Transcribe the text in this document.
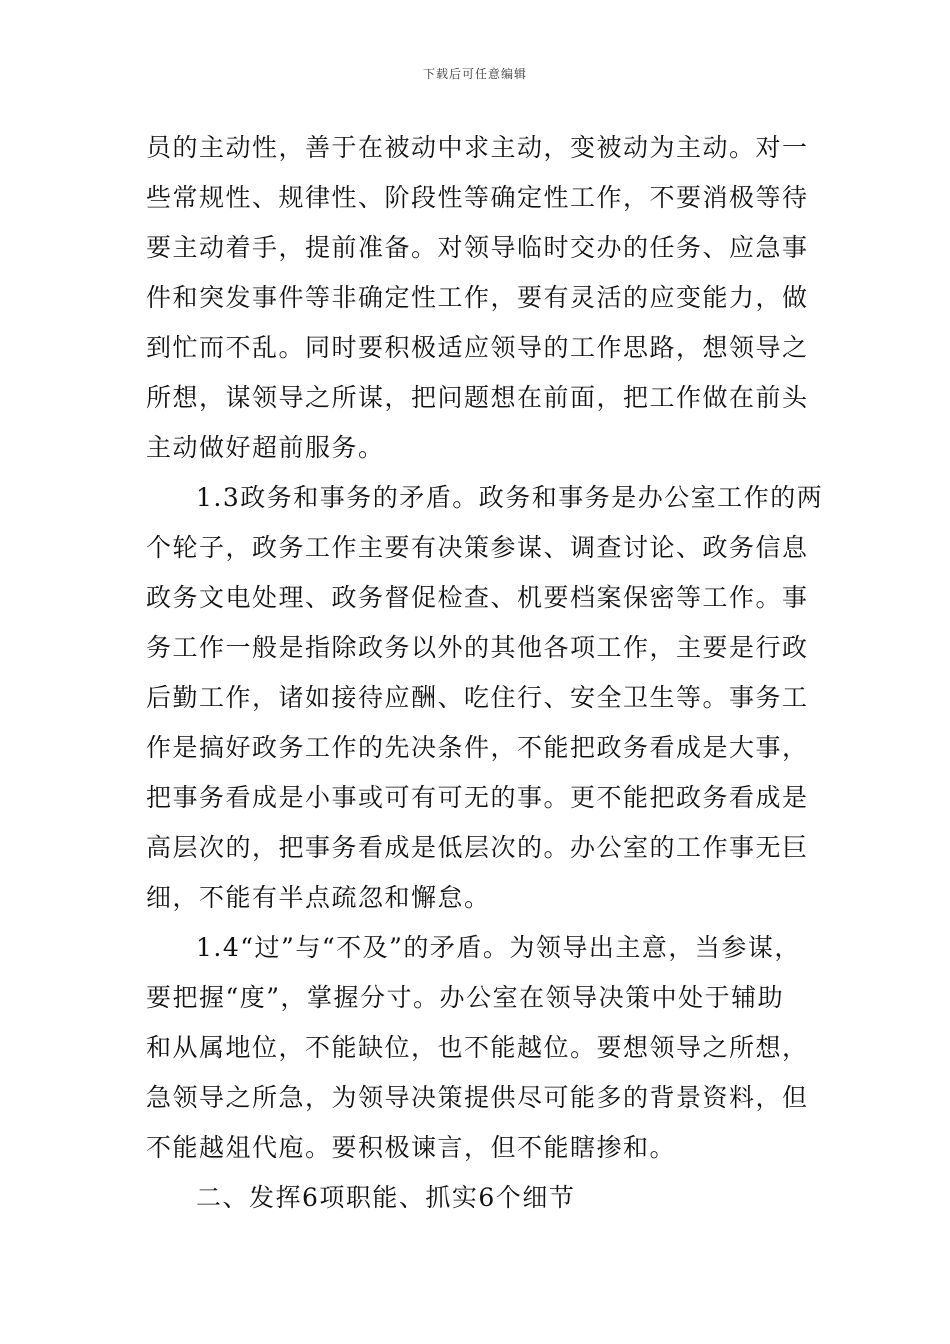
下载后可任意编辑
员的主动性，善于在被动中求主动，变被动为主动。对一
些常规性、规律性、阶段性等确定性工作，不要消极等待
要主动着手，提前准备。对领导临时交办的任务、应急事
件和突发事件等非确定性工作，要有灵活的应变能力，做
到忙而不乱。同时要积极适应领导的工作思路，想领导之
所想，谋领导之所谋，把问题想在前面，把工作做在前头
主动做好超前服务。
1.3政务和事务的矛盾。政务和事务是办公室工作的两
个轮子，政务工作主要有决策参谋、调查讨论、政务信息
政务文电处理、政务督促检查、机要档案保密等工作。事
务工作一般是指除政务以外的其他各项工作，主要是行政
后勤工作，诸如接待应酬、吃住行、安全卫生等。事务工
作是搞好政务工作的先决条件，不能把政务看成是大事，
把事务看成是小事或可有可无的事。更不能把政务看成是
高层次的，把事务看成是低层次的。办公室的工作事无巨
细，不能有半点疏忽和懈怠。
1.4“过”与“不及”的矛盾。为领导出主意，当参谋，
要把握“度”，掌握分寸。办公室在领导决策中处于辅助
和从属地位，不能缺位，也不能越位。要想领导之所想，
急领导之所急，为领导决策提供尽可能多的背景资料，但
不能越俎代庖。要积极谏言，但不能瞎掺和。
二、发挥6项职能、抓实6个细节
